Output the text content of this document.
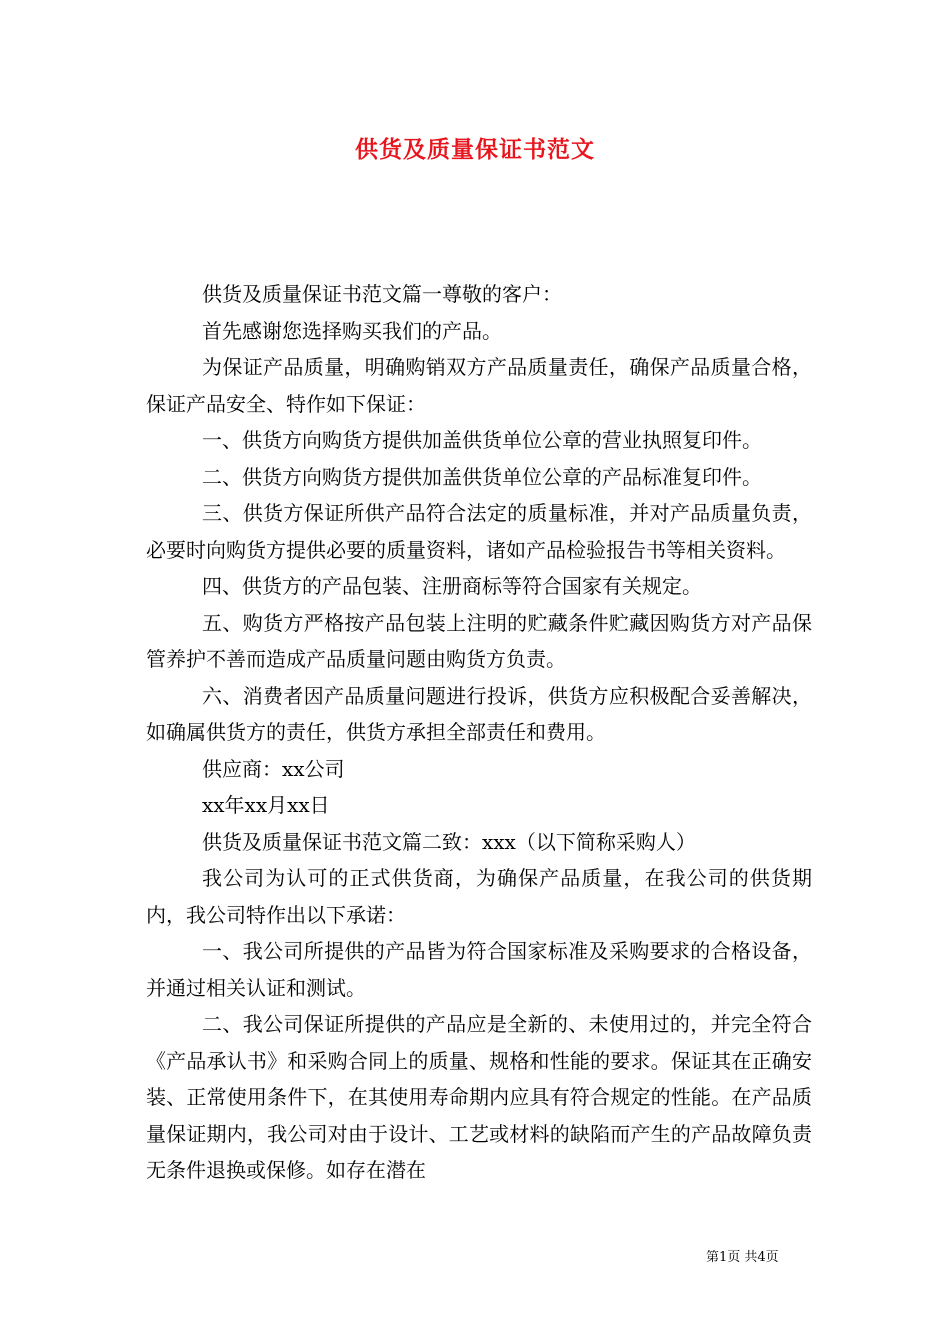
供货及质量保证书范文

供货及质量保证书范文篇一尊敬的客户：

首先感谢您选择购买我们的产品。

为保证产品质量，明确购销双方产品质量责任，确保产品质量合格，保证产品安全、特作如下保证：

一、供货方向购货方提供加盖供货单位公章的营业执照复印件。

二、供货方向购货方提供加盖供货单位公章的产品标准复印件。

三、供货方保证所供产品符合法定的质量标准，并对产品质量负责，必要时向购货方提供必要的质量资料，诸如产品检验报告书等相关资料。

四、供货方的产品包装、注册商标等符合国家有关规定。

五、购货方严格按产品包装上注明的贮藏条件贮藏因购货方对产品保管养护不善而造成产品质量问题由购货方负责。

六、消费者因产品质量问题进行投诉，供货方应积极配合妥善解决，如确属供货方的责任，供货方承担全部责任和费用。

供应商：xx公司

xx年xx月xx日

供货及质量保证书范文篇二致：xxx（以下简称采购人）

我公司为认可的正式供货商，为确保产品质量，在我公司的供货期内，我公司特作出以下承诺：

一、我公司所提供的产品皆为符合国家标准及采购要求的合格设备，并通过相关认证和测试。

二、我公司保证所提供的产品应是全新的、未使用过的，并完全符合《产品承认书》和采购合同上的质量、规格和性能的要求。保证其在正确安装、正常使用条件下，在其使用寿命期内应具有符合规定的性能。在产品质量保证期内，我公司对由于设计、工艺或材料的缺陷而产生的产品故障负责无条件退换或保修。如存在潜在

第1页 共4页
